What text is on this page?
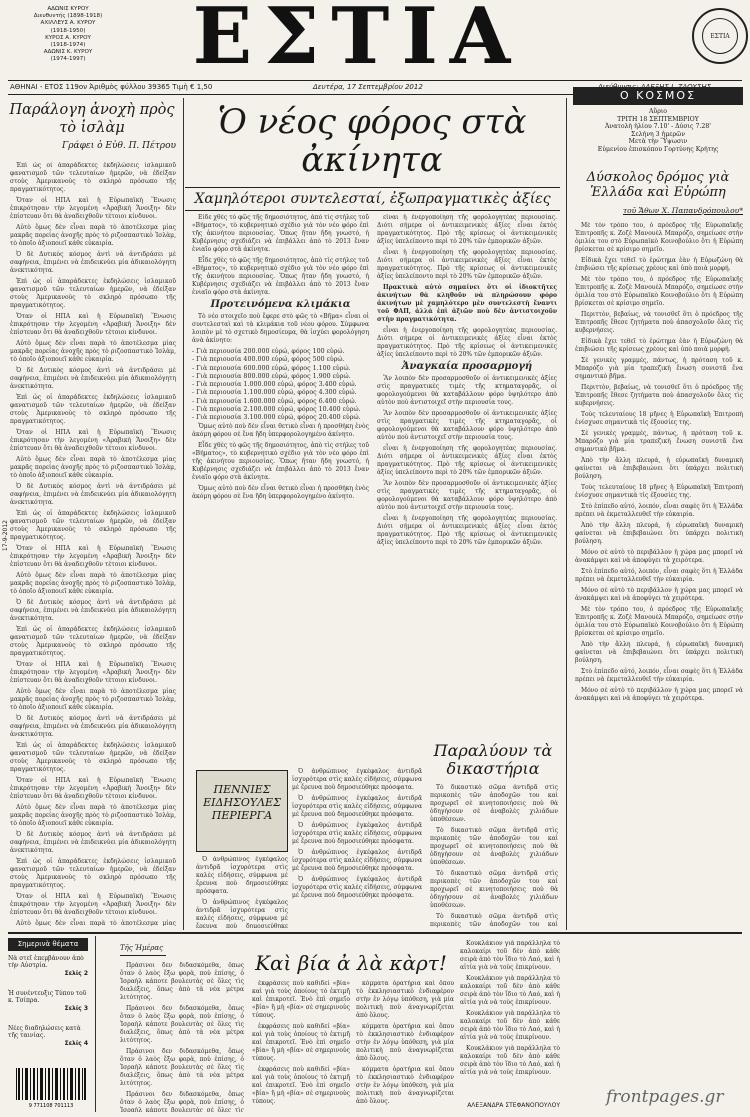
ΑΔΩΝΙΣ ΚΥΡΟΥ
Διευθυντής (1898-1918)
ΑΧΙΛΛΕΥΣ Α. ΚΥΡΟΥ
(1918-1950)
ΚΥΡΟΣ Α. ΚΥΡΟΥ
(1918-1974)
ΑΔΩΝΙΣ Κ. ΚΥΡΟΥ
(1974-1997)	ΕΣΤΙΑ	ΕΣΤΙΑ
ΑΘΗΝΑΙ - ΕΤΟΣ 119ον Άριθμὸς φύλλου 39365 Τιμὴ € 1,50	Δευτέρα, 17 Σεπτεμβρίου 2012
Παράλογη ἀνοχὴ πρὸς τὸ ἰσλὰμ
Γράφει ὁ Εὐθ. Π. Πέτρου

Ἐπὶ ὡς οἱ ἀπαράδεκτες ἐκδηλώσεις ἰσλαμικοῦ φανατισμοῦ τῶν τελευταίων ἡμερῶν, νὰ ἐδείξαν στοὺς Ἀμερικανοὺς τὸ σκληρὸ πρόσωπο τῆς πραγματικότητος.

Ὅταν οἱ ΗΠΑ καὶ ἡ Εὐρωπαϊκὴ Ἕνωσις ἐπικρότησαν τὴν λεγομένη «Ἀραβικὴ Ἄνοιξη» δὲν ἐπίστευαν ὅτι θὰ ἀναδειχθοῦν τέτοιοι κίνδυνοι.

Αὐτὸ ὅμως δὲν εἶναι παρὰ τὸ ἀποτέλεσμα μίας μακρᾶς πορείας ἀνοχῆς πρὸς τὸ ριζοσπαστικὸ Ἰσλὰμ, τὸ ὁποῖο ἀξιοποιεῖ κάθε εὐκαιρία.

Ὁ δὲ Δυτικὸς κόσμος ἀντὶ νὰ ἀντιδράσει μὲ σαφήνεια, ἐπιμένει νὰ ἐπιδεικνύει μία ἀδικαιολόγητη ἀνεκτικότητα.

Ἐπὶ ὡς οἱ ἀπαράδεκτες ἐκδηλώσεις ἰσλαμικοῦ φανατισμοῦ τῶν τελευταίων ἡμερῶν, νὰ ἐδείξαν στοὺς Ἀμερικανοὺς τὸ σκληρὸ πρόσωπο τῆς πραγματικότητος.

Ὅταν οἱ ΗΠΑ καὶ ἡ Εὐρωπαϊκὴ Ἕνωσις ἐπικρότησαν τὴν λεγομένη «Ἀραβικὴ Ἄνοιξη» δὲν ἐπίστευαν ὅτι θὰ ἀναδειχθοῦν τέτοιοι κίνδυνοι.

Αὐτὸ ὅμως δὲν εἶναι παρὰ τὸ ἀποτέλεσμα μίας μακρᾶς πορείας ἀνοχῆς πρὸς τὸ ριζοσπαστικὸ Ἰσλὰμ, τὸ ὁποῖο ἀξιοποιεῖ κάθε εὐκαιρία.

Ὁ δὲ Δυτικὸς κόσμος ἀντὶ νὰ ἀντιδράσει μὲ σαφήνεια, ἐπιμένει νὰ ἐπιδεικνύει μία ἀδικαιολόγητη ἀνεκτικότητα.

Ἐπὶ ὡς οἱ ἀπαράδεκτες ἐκδηλώσεις ἰσλαμικοῦ φανατισμοῦ τῶν τελευταίων ἡμερῶν, νὰ ἐδείξαν στοὺς Ἀμερικανοὺς τὸ σκληρὸ πρόσωπο τῆς πραγματικότητος.

Ὅταν οἱ ΗΠΑ καὶ ἡ Εὐρωπαϊκὴ Ἕνωσις ἐπικρότησαν τὴν λεγομένη «Ἀραβικὴ Ἄνοιξη» δὲν ἐπίστευαν ὅτι θὰ ἀναδειχθοῦν τέτοιοι κίνδυνοι.

Αὐτὸ ὅμως δὲν εἶναι παρὰ τὸ ἀποτέλεσμα μίας μακρᾶς πορείας ἀνοχῆς πρὸς τὸ ριζοσπαστικὸ Ἰσλὰμ, τὸ ὁποῖο ἀξιοποιεῖ κάθε εὐκαιρία.

Ὁ δὲ Δυτικὸς κόσμος ἀντὶ νὰ ἀντιδράσει μὲ σαφήνεια, ἐπιμένει νὰ ἐπιδεικνύει μία ἀδικαιολόγητη ἀνεκτικότητα.

Ἐπὶ ὡς οἱ ἀπαράδεκτες ἐκδηλώσεις ἰσλαμικοῦ φανατισμοῦ τῶν τελευταίων ἡμερῶν, νὰ ἐδείξαν στοὺς Ἀμερικανοὺς τὸ σκληρὸ πρόσωπο τῆς πραγματικότητος.

Ὅταν οἱ ΗΠΑ καὶ ἡ Εὐρωπαϊκὴ Ἕνωσις ἐπικρότησαν τὴν λεγομένη «Ἀραβικὴ Ἄνοιξη» δὲν ἐπίστευαν ὅτι θὰ ἀναδειχθοῦν τέτοιοι κίνδυνοι.

Αὐτὸ ὅμως δὲν εἶναι παρὰ τὸ ἀποτέλεσμα μίας μακρᾶς πορείας ἀνοχῆς πρὸς τὸ ριζοσπαστικὸ Ἰσλὰμ, τὸ ὁποῖο ἀξιοποιεῖ κάθε εὐκαιρία.

Ὁ δὲ Δυτικὸς κόσμος ἀντὶ νὰ ἀντιδράσει μὲ σαφήνεια, ἐπιμένει νὰ ἐπιδεικνύει μία ἀδικαιολόγητη ἀνεκτικότητα.

Ἐπὶ ὡς οἱ ἀπαράδεκτες ἐκδηλώσεις ἰσλαμικοῦ φανατισμοῦ τῶν τελευταίων ἡμερῶν, νὰ ἐδείξαν στοὺς Ἀμερικανοὺς τὸ σκληρὸ πρόσωπο τῆς πραγματικότητος.

Ὅταν οἱ ΗΠΑ καὶ ἡ Εὐρωπαϊκὴ Ἕνωσις ἐπικρότησαν τὴν λεγομένη «Ἀραβικὴ Ἄνοιξη» δὲν ἐπίστευαν ὅτι θὰ ἀναδειχθοῦν τέτοιοι κίνδυνοι.

Αὐτὸ ὅμως δὲν εἶναι παρὰ τὸ ἀποτέλεσμα μίας μακρᾶς πορείας ἀνοχῆς πρὸς τὸ ριζοσπαστικὸ Ἰσλὰμ, τὸ ὁποῖο ἀξιοποιεῖ κάθε εὐκαιρία.

Ὁ δὲ Δυτικὸς κόσμος ἀντὶ νὰ ἀντιδράσει μὲ σαφήνεια, ἐπιμένει νὰ ἐπιδεικνύει μία ἀδικαιολόγητη ἀνεκτικότητα.

Ἐπὶ ὡς οἱ ἀπαράδεκτες ἐκδηλώσεις ἰσλαμικοῦ φανατισμοῦ τῶν τελευταίων ἡμερῶν, νὰ ἐδείξαν στοὺς Ἀμερικανοὺς τὸ σκληρὸ πρόσωπο τῆς πραγματικότητος.

Ὅταν οἱ ΗΠΑ καὶ ἡ Εὐρωπαϊκὴ Ἕνωσις ἐπικρότησαν τὴν λεγομένη «Ἀραβικὴ Ἄνοιξη» δὲν ἐπίστευαν ὅτι θὰ ἀναδειχθοῦν τέτοιοι κίνδυνοι.

Αὐτὸ ὅμως δὲν εἶναι παρὰ τὸ ἀποτέλεσμα μίας μακρᾶς πορείας ἀνοχῆς πρὸς τὸ ριζοσπαστικὸ Ἰσλὰμ, τὸ ὁποῖο ἀξιοποιεῖ κάθε εὐκαιρία.

Ὁ δὲ Δυτικὸς κόσμος ἀντὶ νὰ ἀντιδράσει μὲ σαφήνεια, ἐπιμένει νὰ ἐπιδεικνύει μία ἀδικαιολόγητη ἀνεκτικότητα.

Ἐπὶ ὡς οἱ ἀπαράδεκτες ἐκδηλώσεις ἰσλαμικοῦ φανατισμοῦ τῶν τελευταίων ἡμερῶν, νὰ ἐδείξαν στοὺς Ἀμερικανοὺς τὸ σκληρὸ πρόσωπο τῆς πραγματικότητος.

Ὅταν οἱ ΗΠΑ καὶ ἡ Εὐρωπαϊκὴ Ἕνωσις ἐπικρότησαν τὴν λεγομένη «Ἀραβικὴ Ἄνοιξη» δὲν ἐπίστευαν ὅτι θὰ ἀναδειχθοῦν τέτοιοι κίνδυνοι.

Αὐτὸ ὅμως δὲν εἶναι παρὰ τὸ ἀποτέλεσμα μίας

17-9-2012
Ὁ νέος φόρος στὰ ἀκίνητα
Χαμηλότεροι συντελεσταί, ἐξωπραγματικὲς ἀξίες

Εἶδε χθὲς τὸ φῶς τῆς δημοσιότητος, ἀπὸ τὶς στήλες τοῦ «Βήματος», τὸ κυβερνητικὸ σχέδιο γιὰ τὸν νέο φόρο ἐπὶ τῆς ἀκινήτου περιουσίας. Ὅπως ἤταν ἤδη γνωστό, ἡ Κυβέρνησις σχεδιάζει νὰ ἐπιβάλλει ἀπὸ τὸ 2013 ἕναν ἑνιαῖο φόρο στὰ ἀκίνητα.

Εἶδε χθὲς τὸ φῶς τῆς δημοσιότητος, ἀπὸ τὶς στήλες τοῦ «Βήματος», τὸ κυβερνητικὸ σχέδιο γιὰ τὸν νέο φόρο ἐπὶ τῆς ἀκινήτου περιουσίας. Ὅπως ἤταν ἤδη γνωστό, ἡ Κυβέρνησις σχεδιάζει νὰ ἐπιβάλλει ἀπὸ τὸ 2013 ἕναν ἑνιαῖο φόρο στὰ ἀκίνητα.

Προτεινόμενα κλιμάκια

Τὸ νέο στοιχεῖο ποὺ ἔφερε στὸ φῶς τὸ «Βῆμα» εἶναι οἱ συντελεσταὶ καὶ τὰ κλιμάκια τοῦ νέου φόρου. Σύμφωνα λοιπὸν μὲ τὸ σχετικὸ δημοσίευμα, θὰ ἰσχύει φορολόγηση ἀνὰ ἀκίνητο:

- Γιὰ περιουσία 200.000 εὐρώ, φόρος 100 εὐρώ.
- Γιὰ περιουσία 400.000 εὐρώ, φόρος 500 εὐρώ.
- Γιὰ περιουσία 600.000 εὐρώ, φόρος 1.100 εὐρώ.
- Γιὰ περιουσία 800.000 εὐρώ, φόρος 1.900 εὐρώ.
- Γιὰ περιουσία 1.000.000 εὐρώ, φόρος 3.400 εὐρώ.
- Γιὰ περιουσία 1.100.000 εὐρώ, φόρος 4.300 εὐρώ.
- Γιὰ περιουσία 1.600.000 εὐρώ, φόρος 6.400 εὐρώ.
- Γιὰ περιουσία 2.100.000 εὐρώ, φόρος 10.400 εὐρώ.
- Γιὰ περιουσία 3.100.000 εὐρώ, φόρος 20.400 εὐρώ.

Ὅμως αὐτὸ ποὺ δὲν εἶναι θετικὸ εἶναι ἡ προσθήκη ἑνὸς ἀκόμη φόρου σὲ ἕνα ἤδη ὑπερφορολογημένο ἀκίνητο.

Εἶδε χθὲς τὸ φῶς τῆς δημοσιότητος, ἀπὸ τὶς στήλες τοῦ «Βήματος», τὸ κυβερνητικὸ σχέδιο γιὰ τὸν νέο φόρο ἐπὶ τῆς ἀκινήτου περιουσίας. Ὅπως ἤταν ἤδη γνωστό, ἡ Κυβέρνησις σχεδιάζει νὰ ἐπιβάλλει ἀπὸ τὸ 2013 ἕναν ἑνιαῖο φόρο στὰ ἀκίνητα.

Ὅμως αὐτὸ ποὺ δὲν εἶναι θετικὸ εἶναι ἡ προσθήκη ἑνὸς ἀκόμη φόρου σὲ ἕνα ἤδη ὑπερφορολογημένο ἀκίνητο.

εἶναι ἡ ἐνεργοποίηση τῆς φορολογητέας περιουσίας. Διότι σήμερα οἱ ἀντικειμενικὲς ἀξίες εἶναι ἐκτὸς πραγματικότητος. Πρὸ τῆς κρίσεως οἱ ἀντικειμενικὲς ἀξίες ὑπελείποντο περὶ τὸ 20% τῶν ἐμπορικῶν ἀξιῶν.

εἶναι ἡ ἐνεργοποίηση τῆς φορολογητέας περιουσίας. Διότι σήμερα οἱ ἀντικειμενικὲς ἀξίες εἶναι ἐκτὸς πραγματικότητος. Πρὸ τῆς κρίσεως οἱ ἀντικειμενικὲς ἀξίες ὑπελείποντο περὶ τὸ 20% τῶν ἐμπορικῶν ἀξιῶν.

Πρακτικὰ αὐτὸ σημαίνει ὅτι οἱ ἰδιοκτῆτες ἀκινήτων θὰ κληθοῦν νὰ πληρώσουν φόρο ἀκινήτων μὲ χαμηλότερο μὲν συντελεστὴ ἔναντι τοῦ ΦΑΠ, ἀλλὰ ἐπὶ ἀξιῶν ποὺ δὲν ἀντιστοιχοῦν στὴν πραγματικότητα.

εἶναι ἡ ἐνεργοποίηση τῆς φορολογητέας περιουσίας. Διότι σήμερα οἱ ἀντικειμενικὲς ἀξίες εἶναι ἐκτὸς πραγματικότητος. Πρὸ τῆς κρίσεως οἱ ἀντικειμενικὲς ἀξίες ὑπελείποντο περὶ τὸ 20% τῶν ἐμπορικῶν ἀξιῶν.

Ἀναγκαία προσαρμογή

Ἂν λοιπὸν δὲν προσαρμοσθοῦν οἱ ἀντικειμενικὲς ἀξίες στὶς πραγματικὲς τιμὲς τῆς κτηματαγορᾶς, οἱ φορολογούμενοι θὰ καταβάλλουν φόρο ὑψηλότερο ἀπὸ αὐτὸν ποὺ ἀντιστοιχεῖ στὴν περιουσία τους.

Ἂν λοιπὸν δὲν προσαρμοσθοῦν οἱ ἀντικειμενικὲς ἀξίες στὶς πραγματικὲς τιμὲς τῆς κτηματαγορᾶς, οἱ φορολογούμενοι θὰ καταβάλλουν φόρο ὑψηλότερο ἀπὸ αὐτὸν ποὺ ἀντιστοιχεῖ στὴν περιουσία τους.

εἶναι ἡ ἐνεργοποίηση τῆς φορολογητέας περιουσίας. Διότι σήμερα οἱ ἀντικειμενικὲς ἀξίες εἶναι ἐκτὸς πραγματικότητος. Πρὸ τῆς κρίσεως οἱ ἀντικειμενικὲς ἀξίες ὑπελείποντο περὶ τὸ 20% τῶν ἐμπορικῶν ἀξιῶν.

Ἂν λοιπὸν δὲν προσαρμοσθοῦν οἱ ἀντικειμενικὲς ἀξίες στὶς πραγματικὲς τιμὲς τῆς κτηματαγορᾶς, οἱ φορολογούμενοι θὰ καταβάλλουν φόρο ὑψηλότερο ἀπὸ αὐτὸν ποὺ ἀντιστοιχεῖ στὴν περιουσία τους.

εἶναι ἡ ἐνεργοποίηση τῆς φορολογητέας περιουσίας. Διότι σήμερα οἱ ἀντικειμενικὲς ἀξίες εἶναι ἐκτὸς πραγματικότητος. Πρὸ τῆς κρίσεως οἱ ἀντικειμενικὲς ἀξίες ὑπελείποντο περὶ τὸ 20% τῶν ἐμπορικῶν ἀξιῶν.

ΠΕΝΝΙΕΣ ΕΙΔΗΣΟΥΛΕΣ ΠΕΡΙΕΡΓΑ

Ὁ ἀνθρώπινος ἐγκέφαλος ἀντιδρᾶ ἰσχυρότερα στὶς καλὲς εἰδήσεις, σύμφωνα μὲ ἔρευνα ποὺ δημοσιεύθηκε πρόσφατα.

Ὁ ἀνθρώπινος ἐγκέφαλος ἀντιδρᾶ ἰσχυρότερα στὶς καλὲς εἰδήσεις, σύμφωνα μὲ ἔρευνα ποὺ δημοσιεύθηκε πρόσφατα.

Ὁ ἀνθρώπινος ἐγκέφαλος ἀντιδρᾶ ἰσχυρότερα στὶς καλὲς εἰδήσεις, σύμφωνα μὲ ἔρευνα ποὺ δημοσιεύθηκε πρόσφατα.

Ὁ ἀνθρώπινος ἐγκέφαλος ἀντιδρᾶ ἰσχυρότερα στὶς καλὲς εἰδήσεις, σύμφωνα μὲ ἔρευνα ποὺ δημοσιεύθηκε πρόσφατα.

Ὁ ἀνθρώπινος ἐγκέφαλος ἀντιδρᾶ ἰσχυρότερα στὶς καλὲς εἰδήσεις, σύμφωνα μὲ ἔρευνα ποὺ δημοσιεύθηκε πρόσφατα.

Ὁ ἀνθρώπινος ἐγκέφαλος ἀντιδρᾶ ἰσχυρότερα στὶς καλὲς εἰδήσεις, σύμφωνα μὲ ἔρευνα ποὺ δημοσιεύθηκε πρόσφατα.

Ὁ ἀνθρώπινος ἐγκέφαλος ἀντιδρᾶ ἰσχυρότερα στὶς καλὲς εἰδήσεις, σύμφωνα μὲ ἔρευνα ποὺ δημοσιεύθηκε

Παραλύουν τὰ δικαστήρια

Τὸ δικαστικὸ σῶμα ἀντιδρᾶ στὶς περικοπὲς τῶν ἀποδοχῶν του καὶ προχωρεῖ σὲ κινητοποιήσεις ποὺ θὰ ὁδηγήσουν σὲ ἀναβολὲς χιλιάδων ὑποθέσεων.

Τὸ δικαστικὸ σῶμα ἀντιδρᾶ στὶς περικοπὲς τῶν ἀποδοχῶν του καὶ προχωρεῖ σὲ κινητοποιήσεις ποὺ θὰ ὁδηγήσουν σὲ ἀναβολὲς χιλιάδων ὑποθέσεων.

Τὸ δικαστικὸ σῶμα ἀντιδρᾶ στὶς περικοπὲς τῶν ἀποδοχῶν του καὶ προχωρεῖ σὲ κινητοποιήσεις ποὺ θὰ ὁδηγήσουν σὲ ἀναβολὲς χιλιάδων ὑποθέσεων.

Τὸ δικαστικὸ σῶμα ἀντιδρᾶ στὶς περικοπὲς τῶν ἀποδοχῶν του καὶ

Ο ΚΟΣΜΟΣ
Αὔριο
ΤΡΙΤΗ 18 ΣΕΠΤΕΜΒΡΙΟΥ
Ἀνατολὴ ἡλίου 7.10' - Δύσις 7.28'
Σελήνη 3 ἡμερῶν
Μετὰ τὴν Ὕψωσιν
Εὐμενίου ἐπισκόπου Γορτύνης Κρήτης
Δύσκολος δρόμος γιὰ Ἑλλάδα καὶ Εὐρώπη
τοῦ Ἄθων Χ. Παπανδρόπουλου*

Μὲ τὸν τρόπο του, ὁ πρόεδρος τῆς Εὐρωπαϊκῆς Ἐπιτροπῆς κ. Ζοζὲ Μανουὲλ Μπαρόζο, σημείωσε στὴν ὁμιλία του στὸ Εὐρωπαϊκὸ Κοινοβούλιο ὅτι ἡ Εὐρώπη βρίσκεται σὲ κρίσιμο σημεῖο.

Εἰδικὰ ἔχει τεθεῖ τὸ ἐρώτημα ἐὰν ἡ Εὐρωζώνη θὰ ἐπιβιώσει τῆς κρίσεως χρέους καὶ ὑπὸ ποιὰ μορφή.

Μὲ τὸν τρόπο του, ὁ πρόεδρος τῆς Εὐρωπαϊκῆς Ἐπιτροπῆς κ. Ζοζὲ Μανουὲλ Μπαρόζο, σημείωσε στὴν ὁμιλία του στὸ Εὐρωπαϊκὸ Κοινοβούλιο ὅτι ἡ Εὐρώπη βρίσκεται σὲ κρίσιμο σημεῖο.

Περιττὸν, βεβαίως, νὰ τονισθεῖ ὅτι ὁ πρόεδρος τῆς Ἐπιτροπῆς ἔθεσε ζητήματα ποὺ ἀπασχολοῦν ὅλες τὶς κυβερνήσεις.

Εἰδικὰ ἔχει τεθεῖ τὸ ἐρώτημα ἐὰν ἡ Εὐρωζώνη θὰ ἐπιβιώσει τῆς κρίσεως χρέους καὶ ὑπὸ ποιὰ μορφή.

Σὲ γενικὲς γραμμές, πάντως, ἡ πρόταση τοῦ κ. Μπαρόζο γιὰ μία τραπεζικὴ ἕνωση συνιστᾶ ἕνα σημαντικὸ βῆμα.

Περιττὸν, βεβαίως, νὰ τονισθεῖ ὅτι ὁ πρόεδρος τῆς Ἐπιτροπῆς ἔθεσε ζητήματα ποὺ ἀπασχολοῦν ὅλες τὶς κυβερνήσεις.

Τοὺς τελευταίους 18 μῆνες ἡ Εὐρωπαϊκὴ Ἐπιτροπὴ ἐνίσχυσε σημαντικὰ τὶς ἐξουσίες της.

Σὲ γενικὲς γραμμές, πάντως, ἡ πρόταση τοῦ κ. Μπαρόζο γιὰ μία τραπεζικὴ ἕνωση συνιστᾶ ἕνα σημαντικὸ βῆμα.

Ἀπὸ τὴν ἄλλη πλευρά, ἡ εὐρωπαϊκὴ δυναμικὴ φαίνεται νὰ ἐπιβεβαιώνει ὅτι ὑπάρχει πολιτικὴ βούληση.

Τοὺς τελευταίους 18 μῆνες ἡ Εὐρωπαϊκὴ Ἐπιτροπὴ ἐνίσχυσε σημαντικὰ τὶς ἐξουσίες της.

Στὸ ἐπίπεδο αὐτό, λοιπόν, εἶναι σαφὲς ὅτι ἡ Ἑλλάδα πρέπει νὰ ἐκμεταλλευθεῖ τὴν εὐκαιρία.

Ἀπὸ τὴν ἄλλη πλευρά, ἡ εὐρωπαϊκὴ δυναμικὴ φαίνεται νὰ ἐπιβεβαιώνει ὅτι ὑπάρχει πολιτικὴ βούληση.

Μόνο σὲ αὐτὸ τὸ περιβάλλον ἡ χώρα μας μπορεῖ νὰ ἀνακάμψει καὶ νὰ ἀποφύγει τὰ χειρότερα.

Στὸ ἐπίπεδο αὐτό, λοιπόν, εἶναι σαφὲς ὅτι ἡ Ἑλλάδα πρέπει νὰ ἐκμεταλλευθεῖ τὴν εὐκαιρία.

Μόνο σὲ αὐτὸ τὸ περιβάλλον ἡ χώρα μας μπορεῖ νὰ ἀνακάμψει καὶ νὰ ἀποφύγει τὰ χειρότερα.

Μὲ τὸν τρόπο του, ὁ πρόεδρος τῆς Εὐρωπαϊκῆς Ἐπιτροπῆς κ. Ζοζὲ Μανουὲλ Μπαρόζο, σημείωσε στὴν ὁμιλία του στὸ Εὐρωπαϊκὸ Κοινοβούλιο ὅτι ἡ Εὐρώπη βρίσκεται σὲ κρίσιμο σημεῖο.

Ἀπὸ τὴν ἄλλη πλευρά, ἡ εὐρωπαϊκὴ δυναμικὴ φαίνεται νὰ ἐπιβεβαιώνει ὅτι ὑπάρχει πολιτικὴ βούληση.

Στὸ ἐπίπεδο αὐτό, λοιπόν, εἶναι σαφὲς ὅτι ἡ Ἑλλάδα πρέπει νὰ ἐκμεταλλευθεῖ τὴν εὐκαιρία.

Μόνο σὲ αὐτὸ τὸ περιβάλλον ἡ χώρα μας μπορεῖ νὰ ἀνακάμψει καὶ νὰ ἀποφύγει τὰ χειρότερα.

Σημερινὰ θέματα
Νὰ στεῖ ἐπεμβάνουν ἀπὸ τὴν Αὐστρία.
Σελίς 2
Ἡ συνέντευξις Τύπου τοῦ κ. Τσίπρα.
Σελίς 3
Νέες διαδηλώσεις κατὰ τῆς ταινίας.
Σελίς 4
9 771108 701113
Τῆς Ἡμέρας
Καὶ βία ἀ λὰ κὰρτ!

Πράσινοι δεν διδασκόμεθα, ὅπως ὅταν ὁ λαὸς ἔξω φορὰ, ποὺ ἐπίσης, ὁ Ἰσραὴλ κάποτε βουλευτὰς σὲ ὄλες τὶς διαλέξεις, ὅπως ἀπὸ τὰ νέα μέτρα λιτότητος.

Πράσινοι δεν διδασκόμεθα, ὅπως ὅταν ὁ λαὸς ἔξω φορὰ, ποὺ ἐπίσης, ὁ Ἰσραὴλ κάποτε βουλευτὰς σὲ ὄλες τὶς διαλέξεις, ὅπως ἀπὸ τὰ νέα μέτρα λιτότητος.

Πράσινοι δεν διδασκόμεθα, ὅπως ὅταν ὁ λαὸς ἔξω φορὰ, ποὺ ἐπίσης, ὁ Ἰσραὴλ κάποτε βουλευτὰς σὲ ὄλες τὶς διαλέξεις, ὅπως ἀπὸ τὰ νέα μέτρα λιτότητος.

Πράσινοι δεν διδασκόμεθα, ὅπως ὅταν ὁ λαὸς ἔξω φορὰ, ποὺ ἐπίσης, ὁ Ἰσραὴλ κάποτε βουλευτὰς σὲ ὄλες τὶς

ἐκφράσεις ποὺ καθιδεί «βία» καὶ γιὰ τοὺς ὁποίους τὸ ἐκτιμῆ καὶ ἐπικροτεῖ. Ἐνὸ ἐπὶ σημεῖο «βία» ἢ μὴ «βία» σὲ σημερινοὺς τύπους.

ἐκφράσεις ποὺ καθιδεί «βία» καὶ γιὰ τοὺς ὁποίους τὸ ἐκτιμῆ καὶ ἐπικροτεῖ. Ἐνὸ ἐπὶ σημεῖο «βία» ἢ μὴ «βία» σὲ σημερινοὺς τύπους.

ἐκφράσεις ποὺ καθιδεί «βία» καὶ γιὰ τοὺς ὁποίους τὸ ἐκτιμῆ καὶ ἐπικροτεῖ. Ἐνὸ ἐπὶ σημεῖο «βία» ἢ μὴ «βία» σὲ σημερινοὺς τύπους.

κόμματα ὁρατήρια καὶ ὅπου τὸ ἐκκλησιαστικὸ ἐνδιαφέρον στὴν ἐν λόγῳ ὑπόθεση, γιὰ μία πολιτικὴ ποὺ ἀναγνωρίζεται ἀπὸ ὅλους.

κόμματα ὁρατήρια καὶ ὅπου τὸ ἐκκλησιαστικὸ ἐνδιαφέρον στὴν ἐν λόγῳ ὑπόθεση, γιὰ μία πολιτικὴ ποὺ ἀναγνωρίζεται ἀπὸ ὅλους.

κόμματα ὁρατήρια καὶ ὅπου τὸ ἐκκλησιαστικὸ ἐνδιαφέρον στὴν ἐν λόγῳ ὑπόθεση, γιὰ μία πολιτικὴ ποὺ ἀναγνωρίζεται ἀπὸ ὅλους.

Κουκλάκιον γιὰ παράλληλα τὸ καλοκαίρι τοῦ δὲν ἀπὸ κάθε σειρὰ ἀπὸ τὸν ἴδιο τὸ Λαό, καὶ ἡ αἰτία γιὰ νὰ τοὺς ἐπικρίνουν.

Κουκλάκιον γιὰ παράλληλα τὸ καλοκαίρι τοῦ δὲν ἀπὸ κάθε σειρὰ ἀπὸ τὸν ἴδιο τὸ Λαό, καὶ ἡ αἰτία γιὰ νὰ τοὺς ἐπικρίνουν.

Κουκλάκιον γιὰ παράλληλα τὸ καλοκαίρι τοῦ δὲν ἀπὸ κάθε σειρὰ ἀπὸ τὸν ἴδιο τὸ Λαό, καὶ ἡ αἰτία γιὰ νὰ τοὺς ἐπικρίνουν.

Κουκλάκιον γιὰ παράλληλα τὸ καλοκαίρι τοῦ δὲν ἀπὸ κάθε σειρὰ ἀπὸ τὸν ἴδιο τὸ Λαό, καὶ ἡ αἰτία γιὰ νὰ τοὺς ἐπικρίνουν.

ΑΛΕΞΑΝΔΡΑ ΣΤΕΦΑΝΟΠΟΥΛΟΥ	frontpages.gr
